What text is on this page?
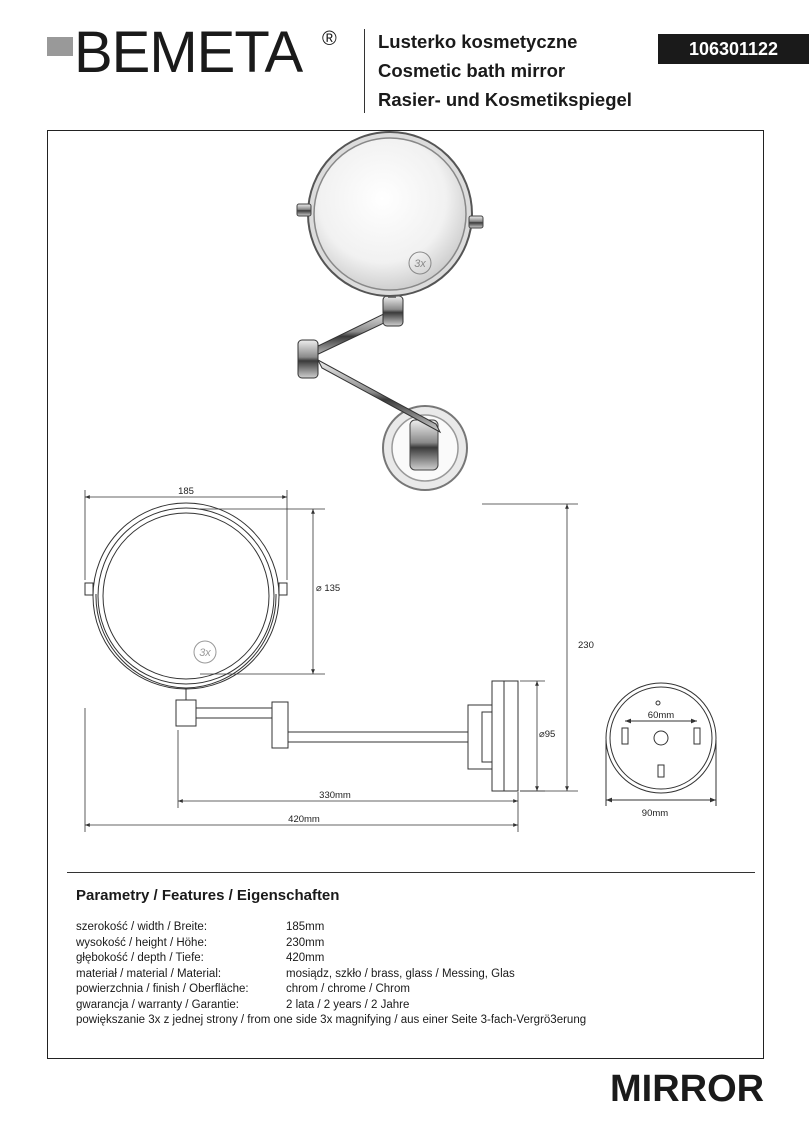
BEMETA ® Lusterko kosmetyczne
Cosmetic bath mirror
Rasier- und Kosmetikspiegel
106301122
3x
3x
185
⌀ 135
230
⌀95
330mm
420mm
60mm
90mm
Parametry / Features / Eigenschaften
szerokość / width / Breite:	185mm
wysokość / height / Höhe:	230mm
głębokość / depth / Tiefe:	420mm
materiał / material / Material:	mosiądz, szkło / brass, glass / Messing, Glas
powierzchnia / finish / Oberfläche:	chrom / chrome / Chrom
gwarancja / warranty / Garantie:	2 lata / 2 years / 2 Jahre
powiększanie 3x z jednej strony / from one side 3x magnifying / aus einer Seite 3-fach-Vergrö3erung
MIRROR
